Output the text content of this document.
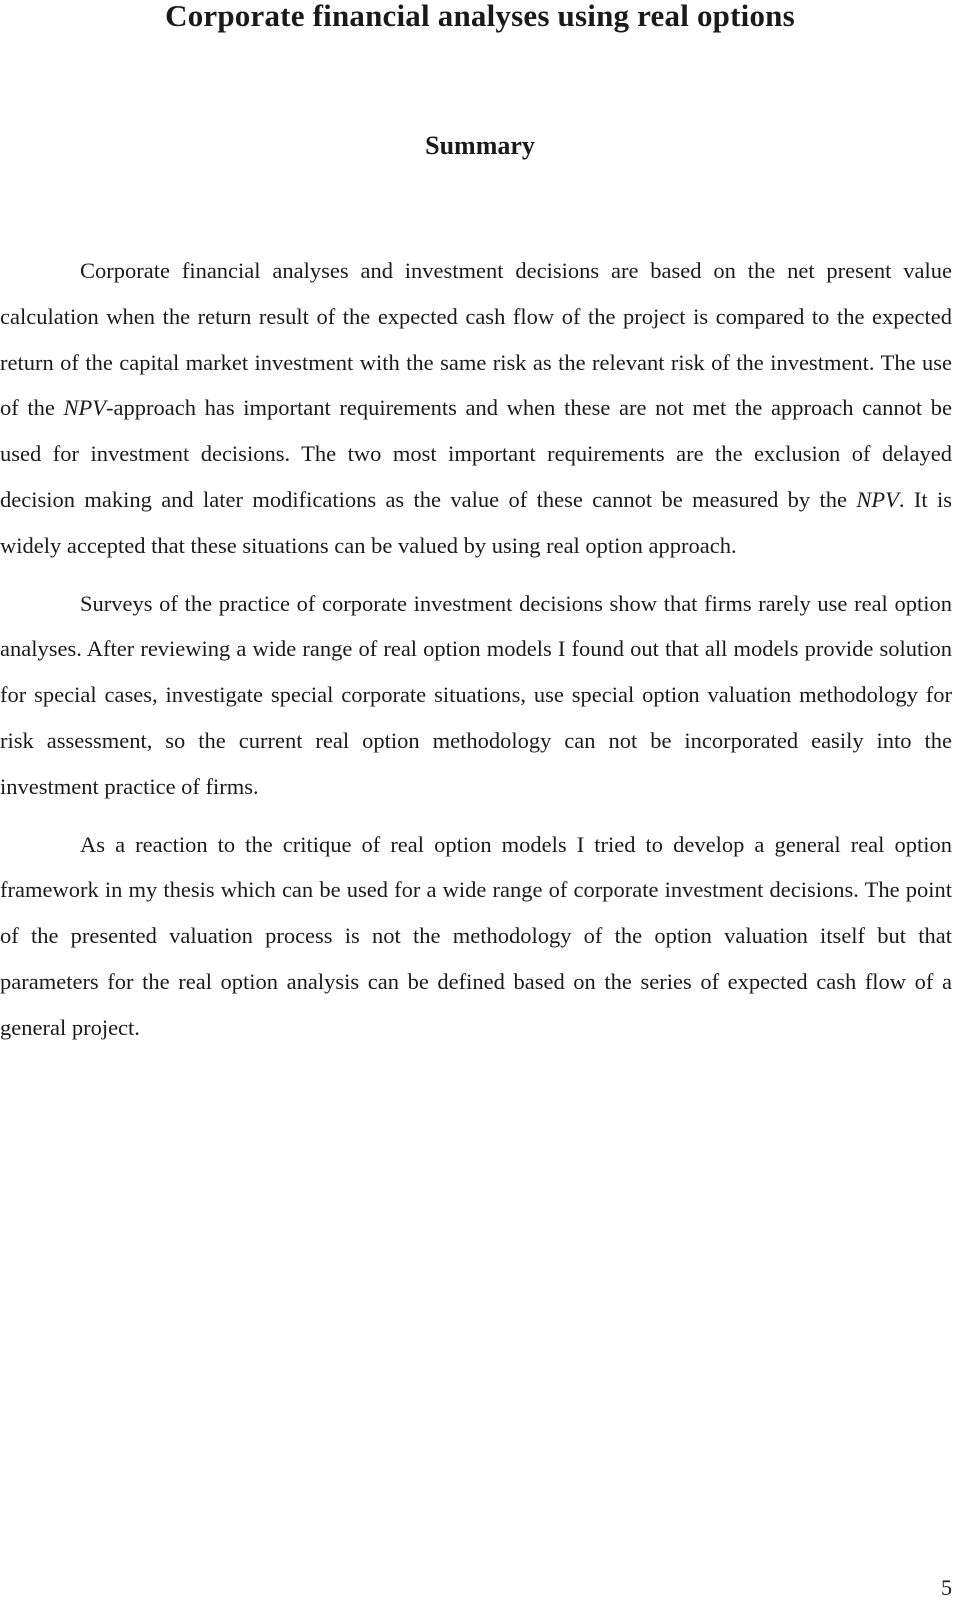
Corporate financial analyses using real options
Summary

Corporate financial analyses and investment decisions are based on the net present value calculation when the return result of the expected cash flow of the project is compared to the expected return of the capital market investment with the same risk as the relevant risk of the investment. The use of the NPV-approach has important requirements and when these are not met the approach cannot be used for investment decisions. The two most important requirements are the exclusion of delayed decision making and later modifications as the value of these cannot be measured by the NPV. It is widely accepted that these situations can be valued by using real option approach.

Surveys of the practice of corporate investment decisions show that firms rarely use real option analyses. After reviewing a wide range of real option models I found out that all models provide solution for special cases, investigate special corporate situations, use special option valuation methodology for risk assessment, so the current real option methodology can not be incorporated easily into the investment practice of firms.

As a reaction to the critique of real option models I tried to develop a general real option framework in my thesis which can be used for a wide range of corporate investment decisions. The point of the presented valuation process is not the methodology of the option valuation itself but that parameters for the real option analysis can be defined based on the series of expected cash flow of a general project.

5
